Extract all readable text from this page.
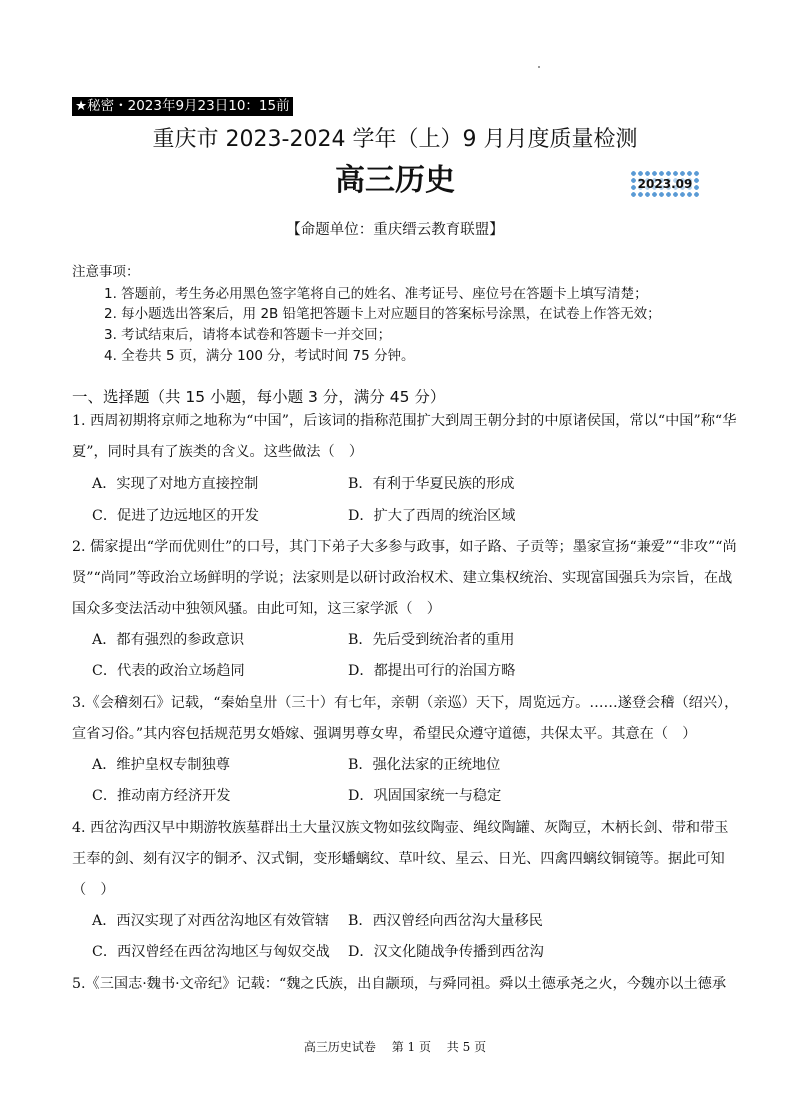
★秘密・2023年9月23日10：15前
重庆市 2023-2024 学年（上）9 月月度质量检测
高三历史	2023.09
【命题单位：重庆缙云教育联盟】
注意事项：
1. 答题前，考生务必用黑色签字笔将自己的姓名、准考证号、座位号在答题卡上填写清楚；
2. 每小题选出答案后，用 2B 铅笔把答题卡上对应题目的答案标号涂黑，在试卷上作答无效；
3. 考试结束后，请将本试卷和答题卡一并交回；
4. 全卷共 5 页，满分 100 分，考试时间 75 分钟。
一、选择题（共 15 小题，每小题 3 分，满分 45 分）
1. 西周初期将京师之地称为“中国”，后该词的指称范围扩大到周王朝分封的中原诸侯国，常以“中国”称“华
夏”，同时具有了族类的含义。这些做法（　）
A．实现了对地方直接控制	B．有利于华夏民族的形成
C．促进了边远地区的开发	D．扩大了西周的统治区域
2. 儒家提出“学而优则仕”的口号，其门下弟子大多参与政事，如子路、子贡等；墨家宣扬“兼爱”“非攻”“尚
贤”“尚同”等政治立场鲜明的学说；法家则是以研讨政治权术、建立集权统治、实现富国强兵为宗旨，在战
国众多变法活动中独领风骚。由此可知，这三家学派（　）
A．都有强烈的参政意识	B．先后受到统治者的重用
C．代表的政治立场趋同	D．都提出可行的治国方略
3.《会稽刻石》记载，“秦始皇卅（三十）有七年，亲朝（亲巡）天下，周览远方。……遂登会稽（绍兴），
宣省习俗。”其内容包括规范男女婚嫁、强调男尊女卑，希望民众遵守道德，共保太平。其意在（　）
A．维护皇权专制独尊	B．强化法家的正统地位
C．推动南方经济开发	D．巩固国家统一与稳定
4. 西岔沟西汉早中期游牧族墓群出土大量汉族文物如弦纹陶壶、绳纹陶罐、灰陶豆，木柄长剑、带和带玉
王奉的剑、刻有汉字的铜矛、汉式铜，变形蟠螭纹、草叶纹、星云、日光、四禽四螭纹铜镜等。据此可知
（　）
A．西汉实现了对西岔沟地区有效管辖 B．西汉曾经向西岔沟大量移民
C．西汉曾经在西岔沟地区与匈奴交战 D．汉文化随战争传播到西岔沟
5.《三国志·魏书·文帝纪》记载：“魏之氏族，出自颛顼，与舜同祖。舜以土德承尧之火，今魏亦以土德承
高三历史试卷　 第 1 页　 共 5 页
